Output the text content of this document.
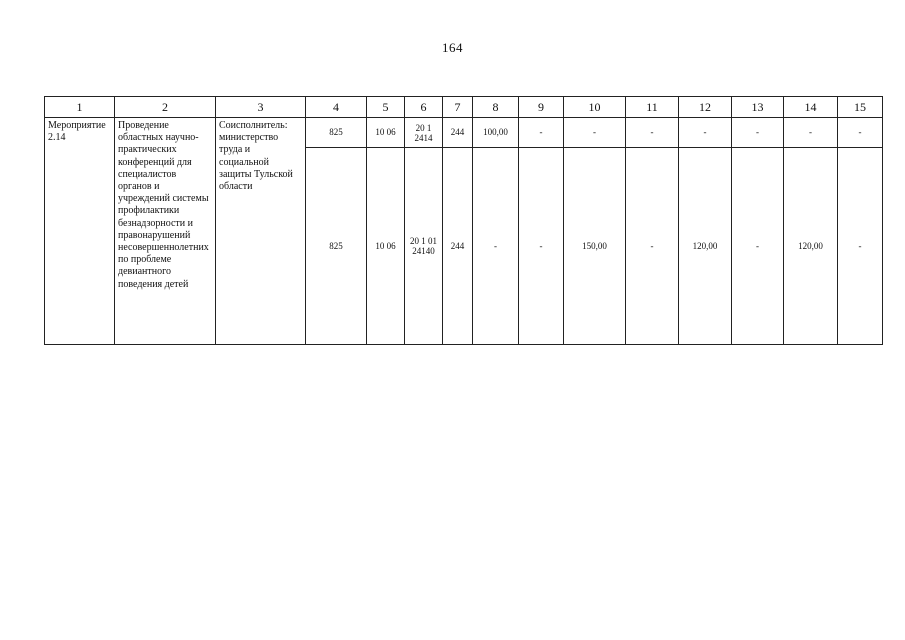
164
1	2	3	4	5	6	7	8	9	10	11	12	13	14	15
Мероприятие 2.14	Проведение областных научно-практических конференций для специалистов органов и учреждений системы профилактики безнадзорности и правонарушений несовершеннолетних по проблеме девиантного поведения детей	Соисполнитель: министерство труда и социальной защиты Тульской области	825	10 06	20 1 2414	244	100,00	-	-	-	-	-	-	-
			825	10 06	20 1 01 24140	244	-	-	150,00	-	120,00	-	120,00	-
